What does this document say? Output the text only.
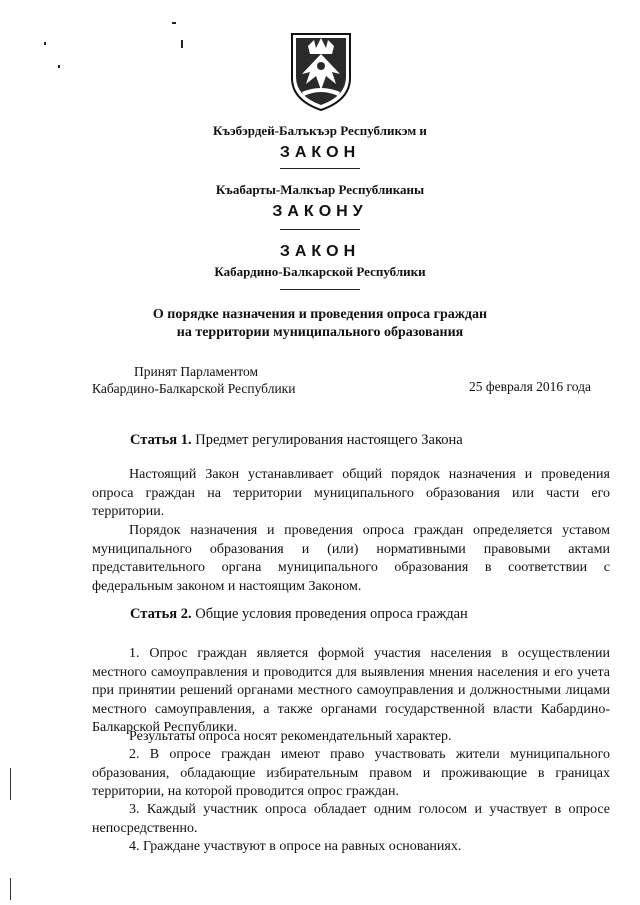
Къэбэрдей-Балъкъэр Республикэм и
ЗАКОН
Къабарты-Малкъар Республиканы
ЗАКОНУ
ЗАКОН
Кабардино-Балкарской Республики
О порядке назначения и проведения опроса граждан
на территории муниципального образования
Принят Парламентом
Кабардино-Балкарской Республики	25 февраля 2016 года
Статья 1. Предмет регулирования настоящего Закона
Настоящий Закон устанавливает общий порядок назначения и проведения опроса граждан на территории муниципального образования или части его территории.
Порядок назначения и проведения опроса граждан определяется уставом муниципального образования и (или) нормативными правовыми актами представительного органа муниципального образования в соответствии с федеральным законом и настоящим Законом.
Статья 2. Общие условия проведения опроса граждан
1. Опрос граждан является формой участия населения в осуществлении местного самоуправления и проводится для выявления мнения населения и его учета при принятии решений органами местного самоуправления и должностными лицами местного самоуправления, а также органами государственной власти Кабардино-Балкарской Республики.
Результаты опроса носят рекомендательный характер.
2. В опросе граждан имеют право участвовать жители муниципального образования, обладающие избирательным правом и проживающие в границах территории, на которой проводится опрос граждан.
3. Каждый участник опроса обладает одним голосом и участвует в опросе непосредственно.
4. Граждане участвуют в опросе на равных основаниях.
